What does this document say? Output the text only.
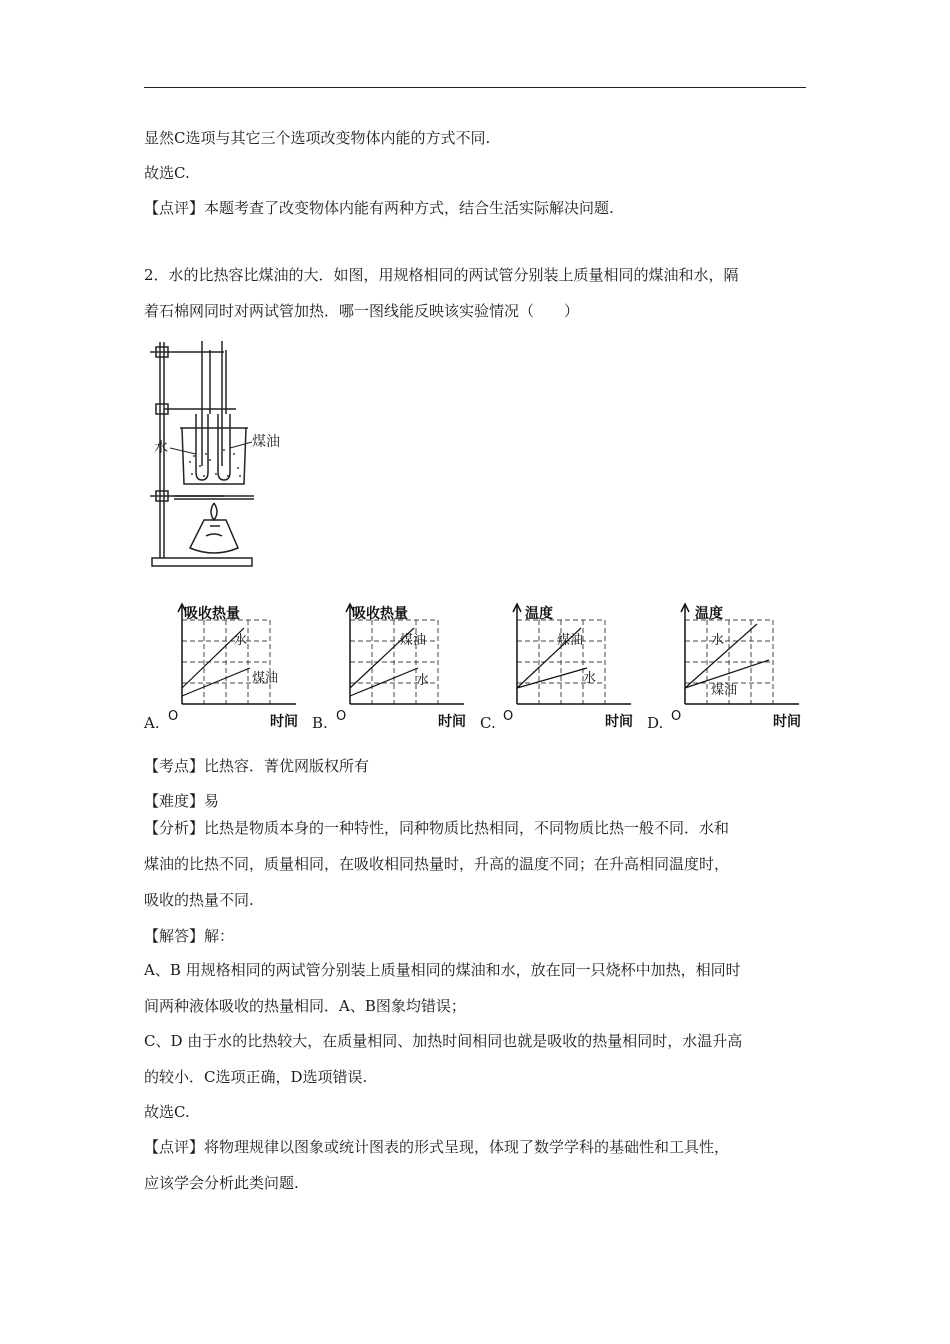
显然C选项与其它三个选项改变物体内能的方式不同.
故选C.
【点评】本题考查了改变物体内能有两种方式，结合生活实际解决问题.
2．水的比热容比煤油的大．如图，用规格相同的两试管分别装上质量相同的煤油和水，隔
着石棉网同时对两试管加热．哪一图线能反映该实验情况（　　）
水	煤油
A.	B.	C.	D.
吸收热量
水
煤油
O	时间
吸收热量
煤油
水
O	时间
温度
煤油
水
O	时间
温度
水
煤油
O	时间
【考点】比热容．菁优网版权所有
【难度】易
【分析】比热是物质本身的一种特性，同种物质比热相同，不同物质比热一般不同．水和
煤油的比热不同，质量相同，在吸收相同热量时，升高的温度不同；在升高相同温度时，
吸收的热量不同.
【解答】解：
A、B 用规格相同的两试管分别装上质量相同的煤油和水，放在同一只烧杯中加热，相同时
间两种液体吸收的热量相同．A、B图象均错误；
C、D 由于水的比热较大，在质量相同、加热时间相同也就是吸收的热量相同时，水温升高
的较小．C选项正确，D选项错误.
故选C.
【点评】将物理规律以图象或统计图表的形式呈现，体现了数学学科的基础性和工具性，
应该学会分析此类问题.
